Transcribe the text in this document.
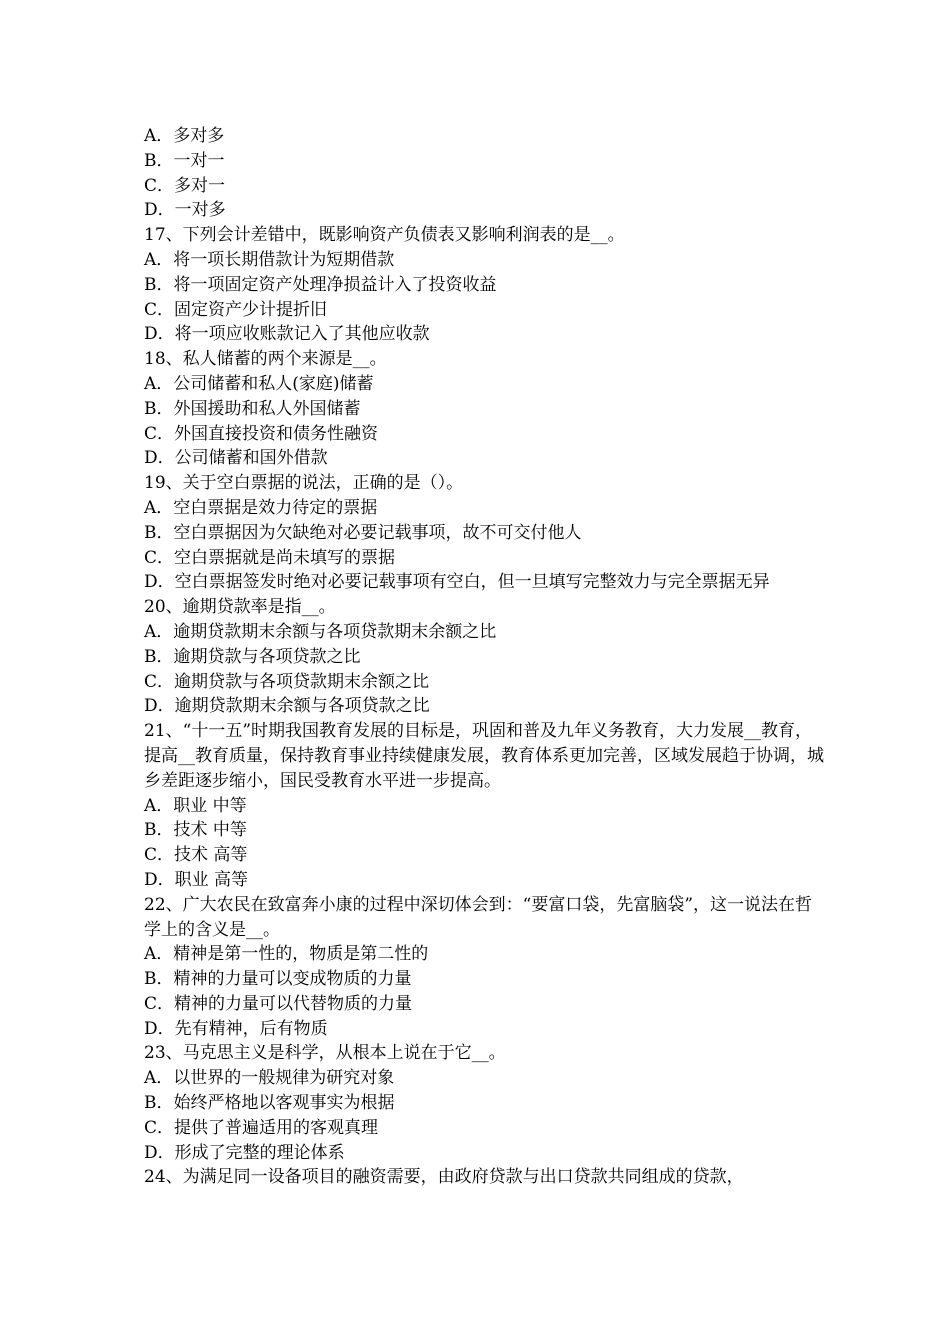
A．多对多

B．一对一

C．多对一

D．一对多

17、下列会计差错中，既影响资产负债表又影响利润表的是__。

A．将一项长期借款计为短期借款

B．将一项固定资产处理净损益计入了投资收益

C．固定资产少计提折旧

D．将一项应收账款记入了其他应收款

18、私人储蓄的两个来源是__。

A．公司储蓄和私人(家庭)储蓄

B．外国援助和私人外国储蓄

C．外国直接投资和债务性融资

D．公司储蓄和国外借款

19、关于空白票据的说法，正确的是（）。

A．空白票据是效力待定的票据

B．空白票据因为欠缺绝对必要记载事项，故不可交付他人

C．空白票据就是尚未填写的票据

D．空白票据签发时绝对必要记载事项有空白，但一旦填写完整效力与完全票据无异

20、逾期贷款率是指__。

A．逾期贷款期末余额与各项贷款期末余额之比

B．逾期贷款与各项贷款之比

C．逾期贷款与各项贷款期末余额之比

D．逾期贷款期末余额与各项贷款之比

21、“十一五”时期我国教育发展的目标是，巩固和普及九年义务教育，大力发展__教育，提高__教育质量，保持教育事业持续健康发展，教育体系更加完善，区域发展趋于协调，城乡差距逐步缩小，国民受教育水平进一步提高。

A．职业 中等

B．技术 中等

C．技术 高等

D．职业 高等

22、广大农民在致富奔小康的过程中深切体会到：“要富口袋，先富脑袋”，这一说法在哲学上的含义是__。

A．精神是第一性的，物质是第二性的

B．精神的力量可以变成物质的力量

C．精神的力量可以代替物质的力量

D．先有精神，后有物质

23、马克思主义是科学，从根本上说在于它__。

A．以世界的一般规律为研究对象

B．始终严格地以客观事实为根据

C．提供了普遍适用的客观真理

D．形成了完整的理论体系

24、为满足同一设备项目的融资需要，由政府贷款与出口贷款共同组成的贷款，
